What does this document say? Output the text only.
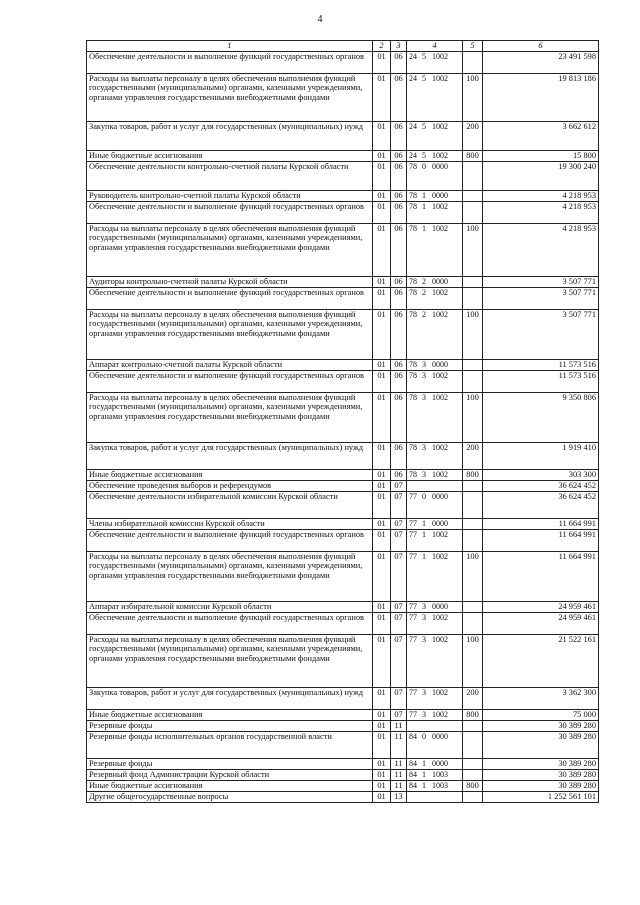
4
1	2	3	4	5	6
Обеспечение деятельности и выполнение функций государственных органов	01	06	24 5 1002		23 491 598
Расходы на выплаты персоналу в целях обеспечения выполнения функций государственными (муниципальными) органами, казенными учреждениями, органами управления государственными внебюджетными фондами	01	06	24 5 1002	100	19 813 186
Закупка товаров, работ и услуг для государственных (муниципальных) нужд	01	06	24 5 1002	200	3 662 612
Иные бюджетные ассигнования	01	06	24 5 1002	800	15 800
Обеспечение деятельности контрольно-счетной палаты Курской области	01	06	78 0 0000		19 300 240
Руководитель контрольно-счетной палаты Курской области	01	06	78 1 0000		4 218 953
Обеспечение деятельности и выполнение функций государственных органов	01	06	78 1 1002		4 218 953
Расходы на выплаты персоналу в целях обеспечения выполнения функций государственными (муниципальными) органами, казенными учреждениями, органами управления государственными внебюджетными фондами	01	06	78 1 1002	100	4 218 953
Аудиторы контрольно-счетной палаты Курской области	01	06	78 2 0000		3 507 771
Обеспечение деятельности и выполнение функций государственных органов	01	06	78 2 1002		3 507 771
Расходы на выплаты персоналу в целях обеспечения выполнения функций государственными (муниципальными) органами, казенными учреждениями, органами управления государственными внебюджетными фондами	01	06	78 2 1002	100	3 507 771
Аппарат контрольно-счетной палаты Курской области	01	06	78 3 0000		11 573 516
Обеспечение деятельности и выполнение функций государственных органов	01	06	78 3 1002		11 573 516
Расходы на выплаты персоналу в целях обеспечения выполнения функций государственными (муниципальными) органами, казенными учреждениями, органами управления государственными внебюджетными фондами	01	06	78 3 1002	100	9 350 806
Закупка товаров, работ и услуг для государственных (муниципальных) нужд	01	06	78 3 1002	200	1 919 410
Иные бюджетные ассигнования	01	06	78 3 1002	800	303 300
Обеспечение проведения выборов и референдумов	01	07			36 624 452
Обеспечение деятельности избирательной комиссии Курской области	01	07	77 0 0000		36 624 452
Члены избирательной комиссии Курской области	01	07	77 1 0000		11 664 991
Обеспечение деятельности и выполнение функций государственных органов	01	07	77 1 1002		11 664 991
Расходы на выплаты персоналу в целях обеспечения выполнения функций государственными (муниципальными) органами, казенными учреждениями, органами управления государственными внебюджетными фондами	01	07	77 1 1002	100	11 664 991
Аппарат избирательной комиссии Курской области	01	07	77 3 0000		24 959 461
Обеспечение деятельности и выполнение функций государственных органов	01	07	77 3 1002		24 959 461
Расходы на выплаты персоналу в целях обеспечения выполнения функций государственными (муниципальными) органами, казенными учреждениями, органами управления государственными внебюджетными фондами	01	07	77 3 1002	100	21 522 161
Закупка товаров, работ и услуг для государственных (муниципальных) нужд	01	07	77 3 1002	200	3 362 300
Иные бюджетные ассигнования	01	07	77 3 1002	800	75 000
Резервные фонды	01	11			30 389 280
Резервные фонды исполнительных органов государственной власти	01	11	84 0 0000		30 389 280
Резервные фонды	01	11	84 1 0000		30 389 280
Резервный фонд Администрации Курской области	01	11	84 1 1003		30 389 280
Иные бюджетные ассигнования	01	11	84 1 1003	800	30 389 280
Другие общегосударственные вопросы	01	13			1 252 561 101
